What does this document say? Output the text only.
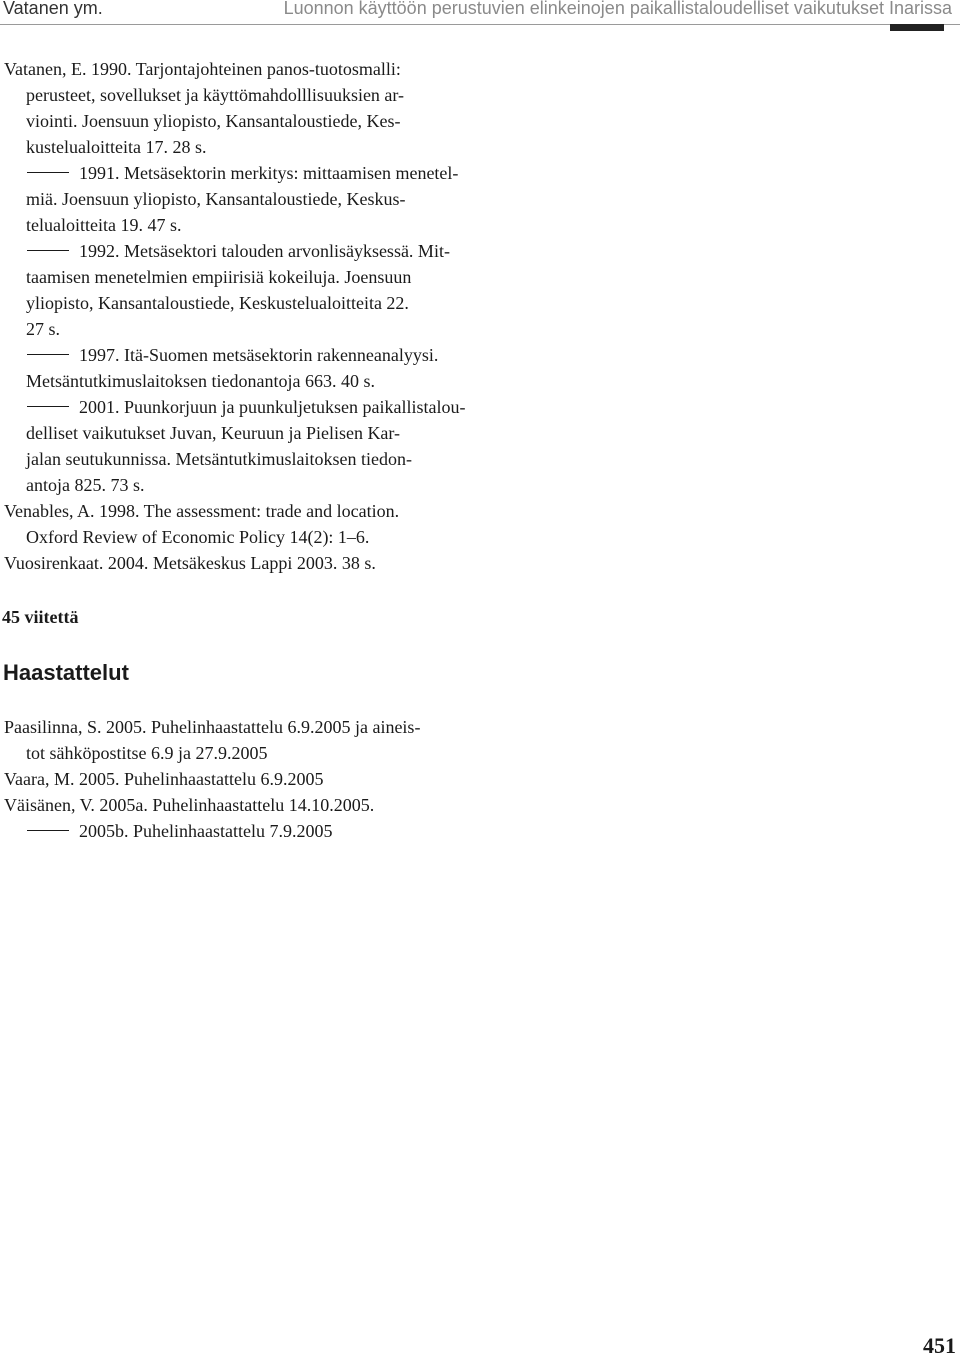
Vatanen ym.	Luonnon käyttöön perustuvien elinkeinojen paikallistaloudelliset vaikutukset Inarissa

Vatanen, E. 1990. Tarjontajohteinen panos-tuotosmalli:
perusteet, sovellukset ja käyttömahdolllisuuksien ar-
viointi. Joensuun yliopisto, Kansantaloustiede, Kes-
kustelualoitteita 17. 28 s.

1991. Metsäsektorin merkitys: mittaamisen menetel-
miä. Joensuun yliopisto, Kansantaloustiede, Keskus-
telualoitteita 19. 47 s.

1992. Metsäsektori talouden arvonlisäyksessä. Mit-
taamisen menetelmien empiirisiä kokeiluja. Joensuun
yliopisto, Kansantaloustiede, Keskustelualoitteita 22.
27 s.

1997. Itä-Suomen metsäsektorin rakenneanalyysi.
Metsäntutkimuslaitoksen tiedonantoja 663. 40 s.

2001. Puunkorjuun ja puunkuljetuksen paikallistalou-
delliset vaikutukset Juvan, Keuruun ja Pielisen Kar-
jalan seutukunnissa. Metsäntutkimuslaitoksen tiedon-
antoja 825. 73 s.

Venables, A. 1998. The assessment: trade and location.
Oxford Review of Economic Policy 14(2): 1–6.

Vuosirenkaat. 2004. Metsäkeskus Lappi 2003. 38 s.

45 viitettä
Haastattelut

Paasilinna, S. 2005. Puhelinhaastattelu 6.9.2005 ja aineis-
tot sähköpostitse 6.9 ja 27.9.2005

Vaara, M. 2005. Puhelinhaastattelu 6.9.2005

Väisänen, V. 2005a. Puhelinhaastattelu 14.10.2005.

2005b. Puhelinhaastattelu 7.9.2005

451
